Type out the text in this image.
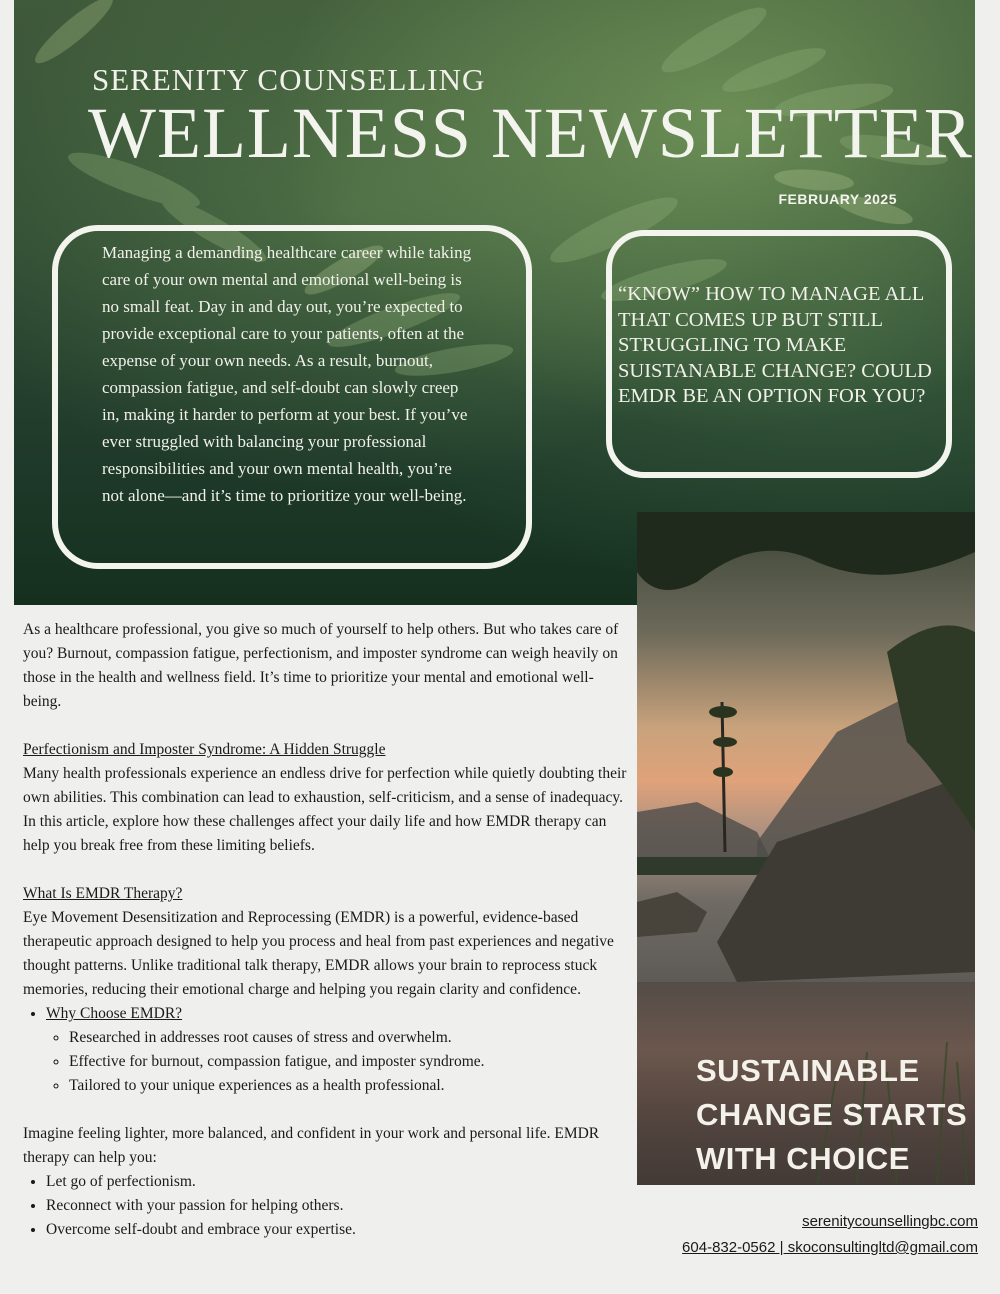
SERENITY COUNSELLING
WELLNESS NEWSLETTER
FEBRUARY 2025

Managing a demanding healthcare career while taking care of your own mental and emotional well-being is no small feat. Day in and day out, you’re expected to provide exceptional care to your patients, often at the expense of your own needs. As a result, burnout, compassion fatigue, and self-doubt can slowly creep in, making it harder to perform at your best. If you’ve ever struggled with balancing your professional responsibilities and your own mental health, you’re not alone—and it’s time to prioritize your well-being.

“KNOW” HOW TO MANAGE ALL THAT COMES UP BUT STILL STRUGGLING TO MAKE SUISTANABLE CHANGE? COULD EMDR BE AN OPTION FOR YOU?

SUSTAINABLE CHANGE STARTS WITH CHOICE

As a healthcare professional, you give so much of yourself to help others. But who takes care of you? Burnout, compassion fatigue, perfectionism, and imposter syndrome can weigh heavily on those in the health and wellness field. It’s time to prioritize your mental and emotional well-being.

Perfectionism and Imposter Syndrome: A Hidden Struggle

Many health professionals experience an endless drive for perfection while quietly doubting their own abilities. This combination can lead to exhaustion, self-criticism, and a sense of inadequacy. In this article, explore how these challenges affect your daily life and how EMDR therapy can help you break free from these limiting beliefs.

What Is EMDR Therapy?

Eye Movement Desensitization and Reprocessing (EMDR) is a powerful, evidence-based therapeutic approach designed to help you process and heal from past experiences and negative thought patterns. Unlike traditional talk therapy, EMDR allows your brain to reprocess stuck memories, reducing their emotional charge and helping you regain clarity and confidence.

• Why Choose EMDR?
◦ Researched in addresses root causes of stress and overwhelm.
◦ Effective for burnout, compassion fatigue, and imposter syndrome.
◦ Tailored to your unique experiences as a health professional.

Imagine feeling lighter, more balanced, and confident in your work and personal life. EMDR therapy can help you:

• Let go of perfectionism.
• Reconnect with your passion for helping others.
• Overcome self-doubt and embrace your expertise.	serenitycounsellingbc.com
604-832-0562 | skoconsultingltd@gmail.com
